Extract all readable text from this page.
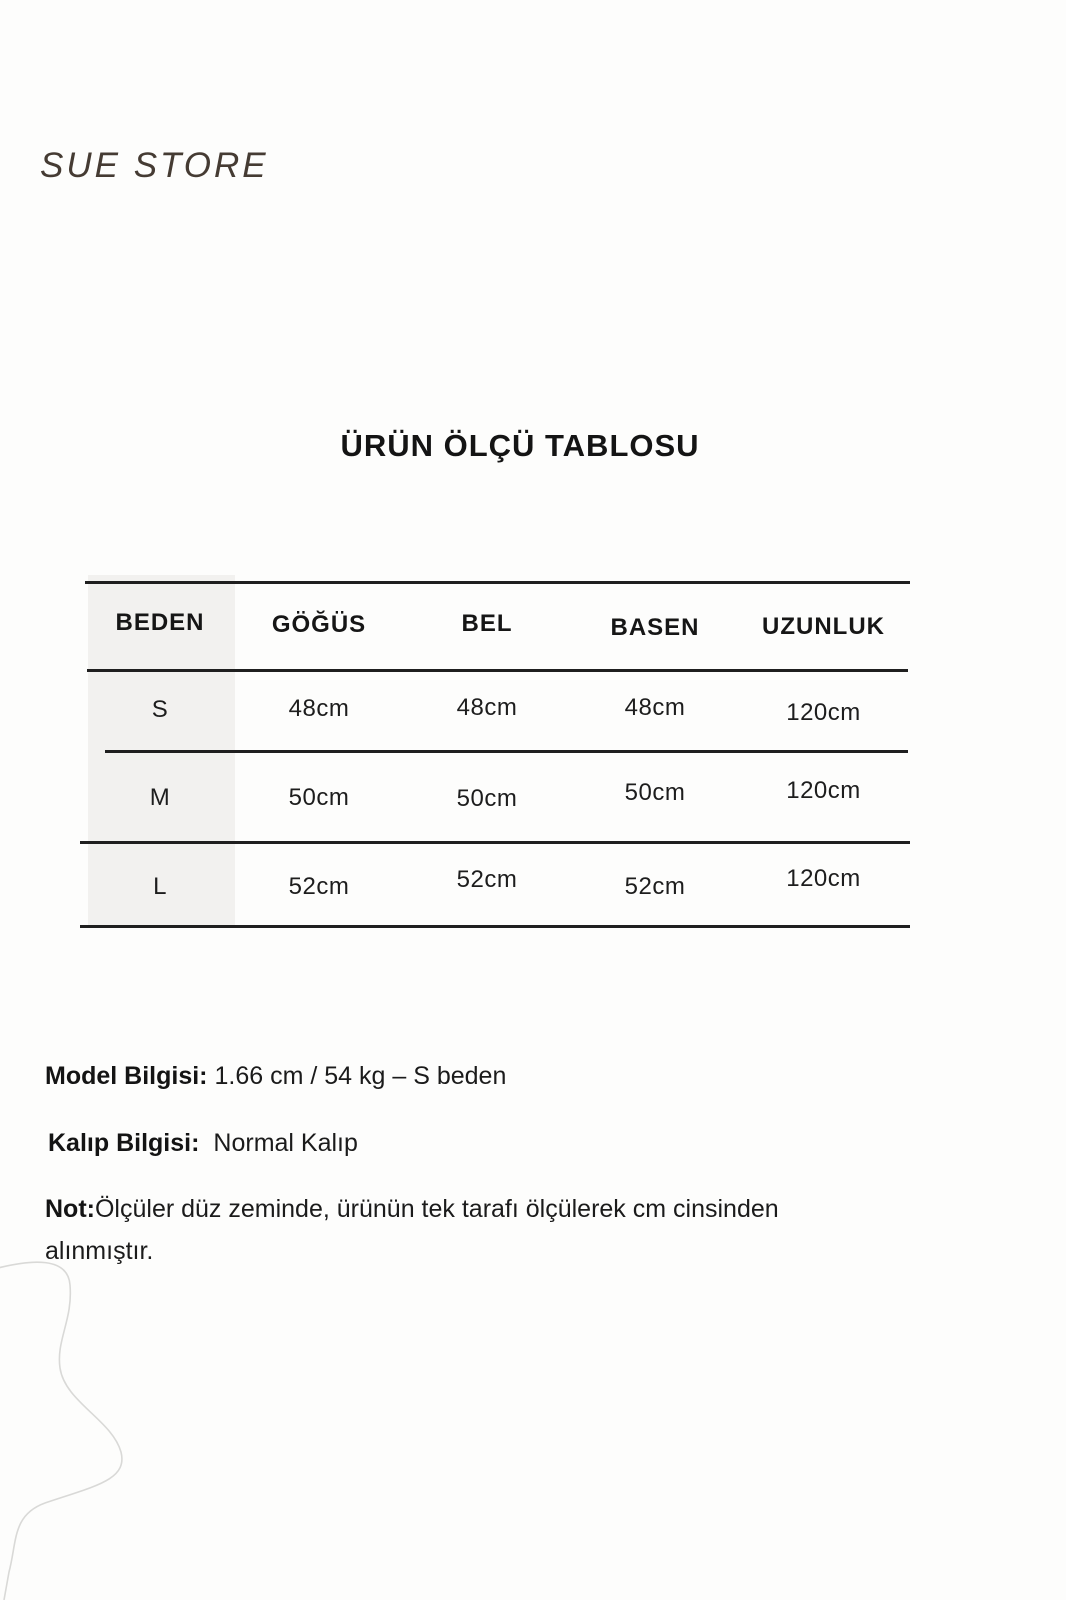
SUE STORE
ÜRÜN ÖLÇÜ TABLOSU
BEDEN	GÖĞÜS	BEL	BASEN	UZUNLUK
S	48cm	48cm	48cm	120cm
M	50cm	50cm	50cm	120cm
L	52cm	52cm	52cm	120cm
Model Bilgisi: 1.66 cm / 54 kg – S beden
Kalıp Bilgisi: Normal Kalıp
Not:Ölçüler düz zeminde, ürünün tek tarafı ölçülerek cm cinsinden alınmıştır.
